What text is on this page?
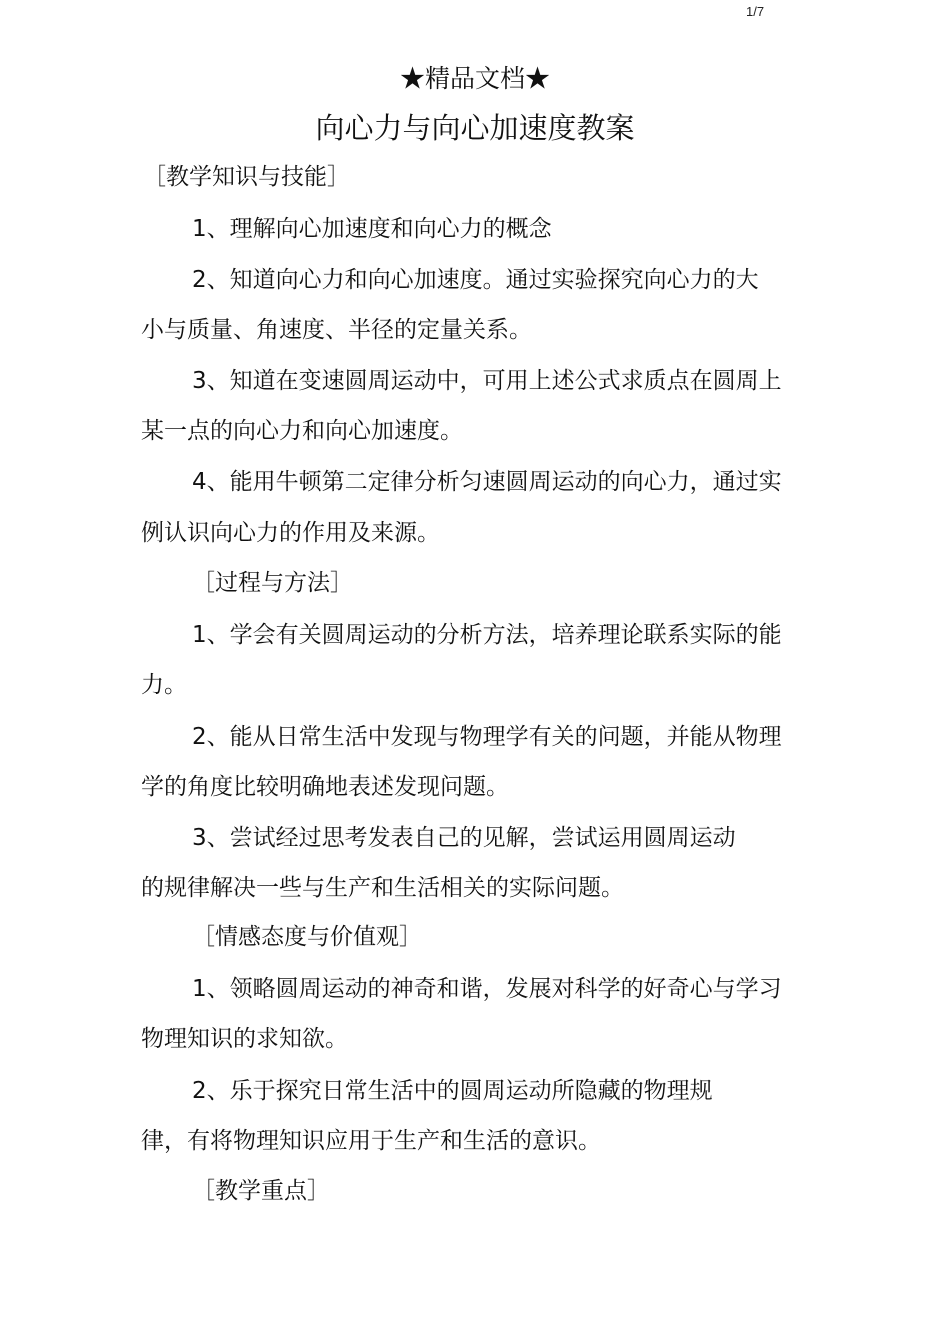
1/7
★精品文档★
向心力与向心加速度教案
［教学知识与技能］
1、理解向心加速度和向心力的概念
2、知道向心力和向心加速度。通过实验探究向心力的大
小与质量、角速度、半径的定量关系。
3、知道在变速圆周运动中，可用上述公式求质点在圆周上
某一点的向心力和向心加速度。
4、能用牛顿第二定律分析匀速圆周运动的向心力，通过实
例认识向心力的作用及来源。
［过程与方法］
1、学会有关圆周运动的分析方法，培养理论联系实际的能
力。
2、能从日常生活中发现与物理学有关的问题，并能从物理
学的角度比较明确地表述发现问题。
3、尝试经过思考发表自己的见解，尝试运用圆周运动
的规律解决一些与生产和生活相关的实际问题。
［情感态度与价值观］
1、领略圆周运动的神奇和谐，发展对科学的好奇心与学习
物理知识的求知欲。
2、乐于探究日常生活中的圆周运动所隐藏的物理规
律，有将物理知识应用于生产和生活的意识。
［教学重点］
